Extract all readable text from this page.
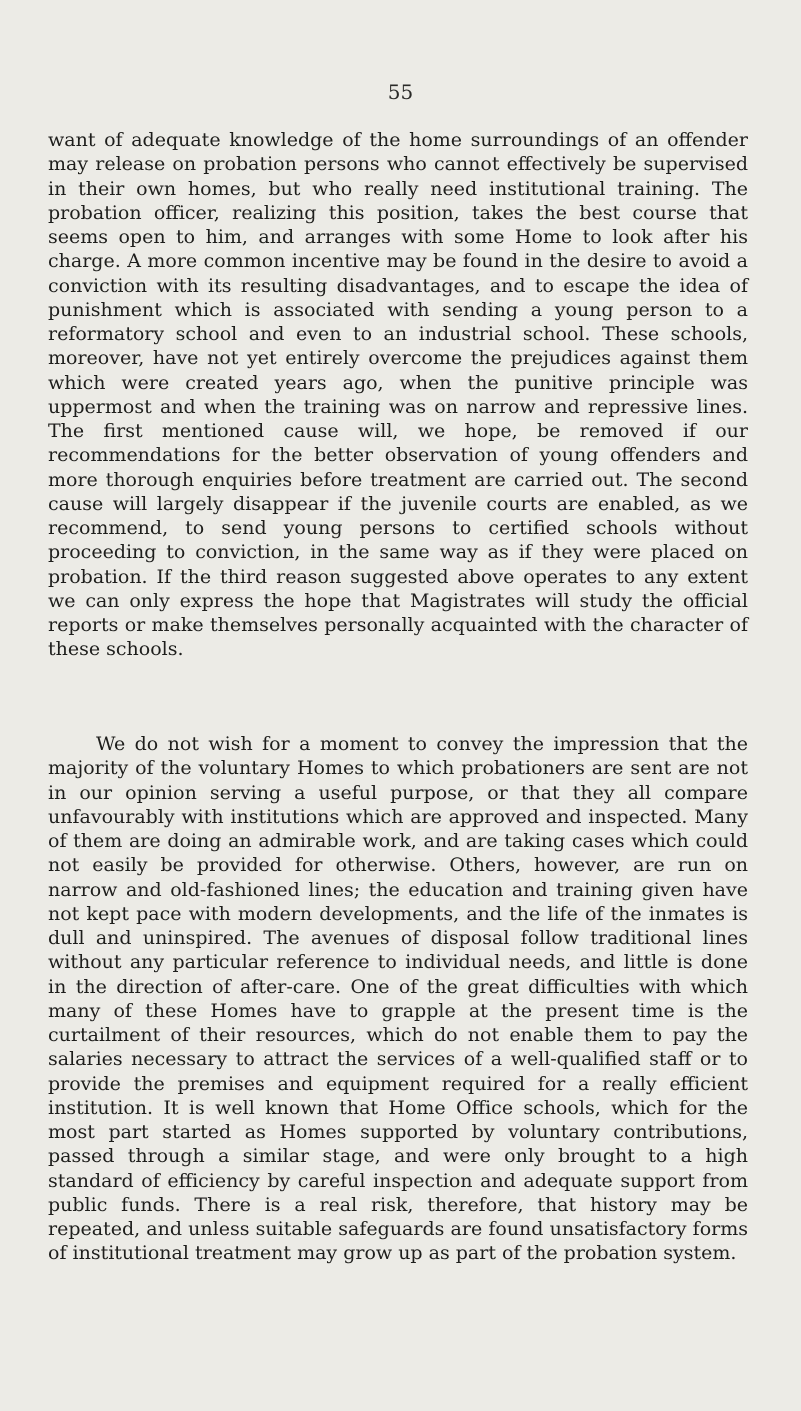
55

want of adequate knowledge of the home surroundings of an offender may release on probation persons who cannot effectively be supervised in their own homes, but who really need institutional training. The probation officer, realizing this position, takes the best course that seems open to him, and arranges with some Home to look after his charge. A more common incentive may be found in the desire to avoid a conviction with its resulting disadvantages, and to escape the idea of punishment which is associated with sending a young person to a reformatory school and even to an industrial school. These schools, moreover, have not yet entirely overcome the prejudices against them which were created years ago, when the punitive principle was uppermost and when the training was on narrow and repressive lines. The first mentioned cause will, we hope, be removed if our recommendations for the better observation of young offenders and more thorough enquiries before treatment are carried out. The second cause will largely disappear if the juvenile courts are enabled, as we recommend, to send young persons to certified schools without proceeding to conviction, in the same way as if they were placed on probation. If the third reason suggested above operates to any extent we can only express the hope that Magistrates will study the official reports or make themselves personally acquainted with the character of these schools.

We do not wish for a moment to convey the impression that the majority of the voluntary Homes to which probationers are sent are not in our opinion serving a useful purpose, or that they all compare unfavourably with institutions which are approved and inspected. Many of them are doing an admirable work, and are taking cases which could not easily be provided for otherwise. Others, however, are run on narrow and old-fashioned lines; the education and training given have not kept pace with modern developments, and the life of the inmates is dull and uninspired. The avenues of disposal follow traditional lines without any particular reference to individual needs, and little is done in the direction of after-care. One of the great difficulties with which many of these Homes have to grapple at the present time is the curtailment of their resources, which do not enable them to pay the salaries necessary to attract the services of a well-qualified staff or to provide the premises and equipment required for a really efficient institution. It is well known that Home Office schools, which for the most part started as Homes supported by voluntary contributions, passed through a similar stage, and were only brought to a high standard of efficiency by careful inspection and adequate support from public funds. There is a real risk, therefore, that history may be repeated, and unless suitable safeguards are found unsatisfactory forms of institutional treatment may grow up as part of the probation system.
